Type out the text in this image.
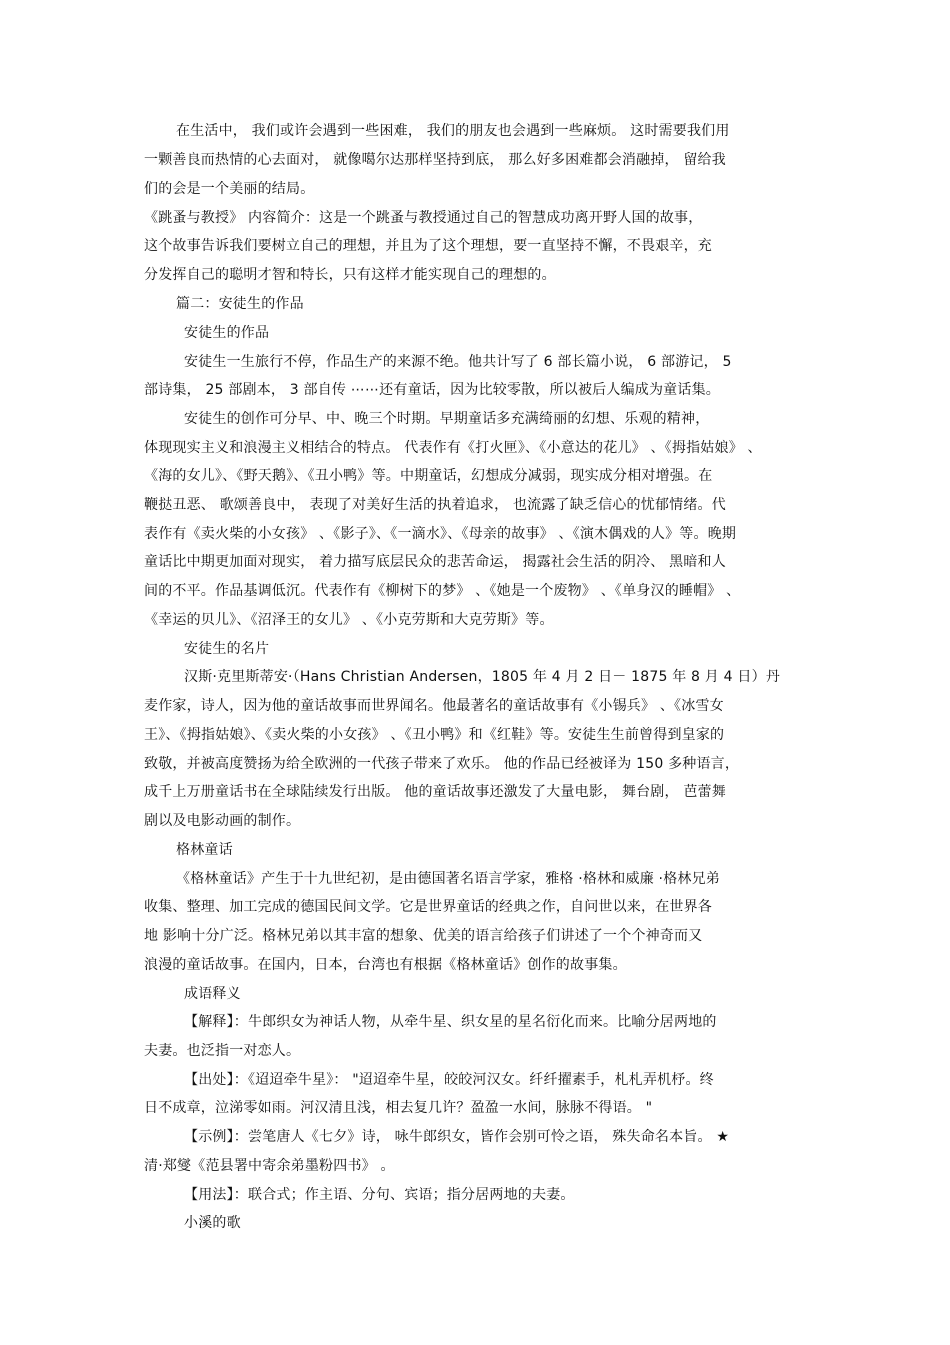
在生活中， 我们或许会遇到一些困难， 我们的朋友也会遇到一些麻烦。 这时需要我们用
一颗善良而热情的心去面对， 就像噶尔达那样坚持到底， 那么好多困难都会消融掉， 留给我
们的会是一个美丽的结局。
《跳蚤与教授》 内容简介：这是一个跳蚤与教授通过自己的智慧成功离开野人国的故事，
这个故事告诉我们要树立自己的理想，并且为了这个理想，要一直坚持不懈，不畏艰辛，充
分发挥自己的聪明才智和特长，只有这样才能实现自己的理想的。
篇二：安徒生的作品
安徒生的作品
安徒生一生旅行不停，作品生产的来源不绝。他共计写了 6 部长篇小说， 6 部游记， 5
部诗集， 25 部剧本， 3 部自传 ⋯⋯还有童话，因为比较零散，所以被后人编成为童话集。
安徒生的创作可分早、中、晚三个时期。早期童话多充满绮丽的幻想、乐观的精神，
体现现实主义和浪漫主义相结合的特点。 代表作有《打火匣》、《小意达的花儿》 、《拇指姑娘》 、
《海的女儿》、《野天鹅》、《丑小鸭》等。中期童话，幻想成分减弱，现实成分相对增强。在
鞭挞丑恶、 歌颂善良中， 表现了对美好生活的执着追求， 也流露了缺乏信心的忧郁情绪。代
表作有《卖火柴的小女孩》 、《影子》、《一滴水》、《母亲的故事》 、《演木偶戏的人》等。晚期
童话比中期更加面对现实， 着力描写底层民众的悲苦命运， 揭露社会生活的阴冷、 黑暗和人
间的不平。作品基调低沉。代表作有《柳树下的梦》 、《她是一个废物》 、《单身汉的睡帽》 、
《幸运的贝儿》、《沼泽王的女儿》 、《小克劳斯和大克劳斯》等。
安徒生的名片
汉斯·克里斯蒂安·（Hans Christian Andersen，1805 年 4 月 2 日－ 1875 年 8 月 4 日）丹
麦作家，诗人，因为他的童话故事而世界闻名。他最著名的童话故事有《小锡兵》 、《冰雪女
王》、《拇指姑娘》、《卖火柴的小女孩》 、《丑小鸭》和《红鞋》等。安徒生生前曾得到皇家的
致敬，并被高度赞扬为给全欧洲的一代孩子带来了欢乐。 他的作品已经被译为 150 多种语言，
成千上万册童话书在全球陆续发行出版。 他的童话故事还激发了大量电影， 舞台剧， 芭蕾舞
剧以及电影动画的制作。
格林童话
《格林童话》产生于十九世纪初，是由德国著名语言学家，雅格 ·格林和威廉 ·格林兄弟
收集、整理、加工完成的德国民间文学。它是世界童话的经典之作，自问世以来，在世界各
地 影响十分广泛。格林兄弟以其丰富的想象、优美的语言给孩子们讲述了一个个神奇而又
浪漫的童话故事。在国内，日本，台湾也有根据《格林童话》创作的故事集。
成语释义
【解释】：牛郎织女为神话人物，从牵牛星、织女星的星名衍化而来。比喻分居两地的
夫妻。也泛指一对恋人。
【出处】：《迢迢牵牛星》： "迢迢牵牛星，皎皎河汉女。纤纤擢素手，札札弄机杼。终
日不成章，泣涕零如雨。河汉清且浅，相去复几许？盈盈一水间，脉脉不得语。 "
【示例】：尝笔唐人《七夕》诗， 咏牛郎织女，皆作会别可怜之语， 殊失命名本旨。 ★
清·郑燮《范县署中寄余弟墨粉四书》 。
【用法】：联合式；作主语、分句、宾语；指分居两地的夫妻。
小溪的歌
